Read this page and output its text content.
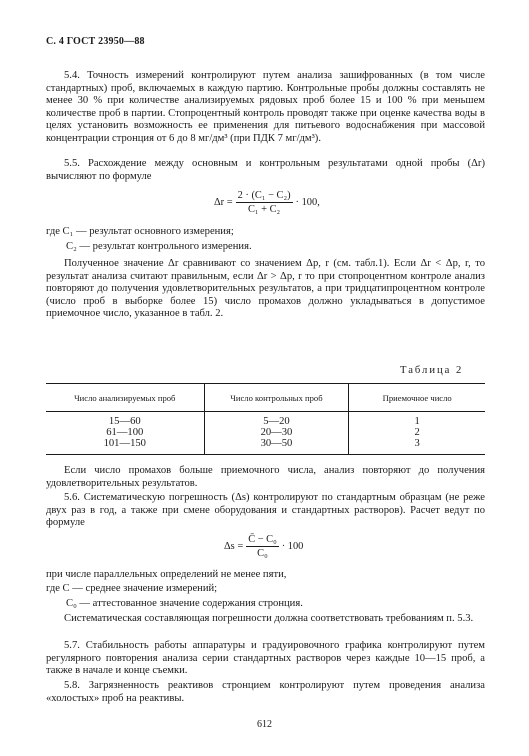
С. 4 ГОСТ 23950—88
5.4. Точность измерений контролируют путем анализа зашифрованных (в том числе стандартных) проб, включаемых в каждую партию. Контрольные пробы должны составлять не менее 30 % при количестве анализируемых рядовых проб более 15 и 100 % при меньшем количестве проб в партии. Стопроцентный контроль проводят также при оценке качества воды в целях установить возможность ее применения для питьевого водоснабжения при массовой концентрации стронция от 6 до 8 мг/дм³ (при ПДК 7 мг/дм³).
5.5. Расхождение между основным и контрольным результатами одной пробы (Δr) вычисляют по формуле
$\Delta r = \frac{\text{2 · (C₁ − C₂)}}{\text{C₁ + C₂}} \cdot 100$,
где C₁ — результат основного измерения;
C₂ — результат контрольного измерения.
Полученное значение Δr сравнивают со значением Δр, r (см. табл.1). Если Δr < Δр, r, то результат анализа считают правильным, если Δr > Δр, r то при стопроцентном контроле анализ повторяют до получения удовлетворительных результатов, а при тридцатипроцентном контроле (число проб в выборке более 15) число промахов должно укладываться в допустимое приемочное число, указанное в табл. 2.
Таблица 2
Число анализируемых проб	Число контрольных проб	Приемочное число
15—60	5—20	1
61—100	20—30	2
101—150	30—50	3
Если число промахов больше приемочного числа, анализ повторяют до получения удовлетворительных результатов.
5.6. Систематическую погрешность (Δs) контролируют по стандартным образцам (не реже двух раз в год, а также при смене оборудования и стандартных растворов). Расчет ведут по формуле
$\Delta s = \frac{\text{C̄ − C₀}}{\text{C₀}} \cdot 100$
при числе параллельных определений не менее пяти,
где C — среднее значение измерений;
C₀ — аттестованное значение содержания стронция.
Систематическая составляющая погрешности должна соответствовать требованиям п. 5.3.
5.7. Стабильность работы аппаратуры и градуировочного графика контролируют путем регулярного повторения анализа серии стандартных растворов через каждые 10—15 проб, а также в начале и конце съемки.
5.8. Загрязненность реактивов стронцием контролируют путем проведения анализа «холостых» проб на реактивы.
612
